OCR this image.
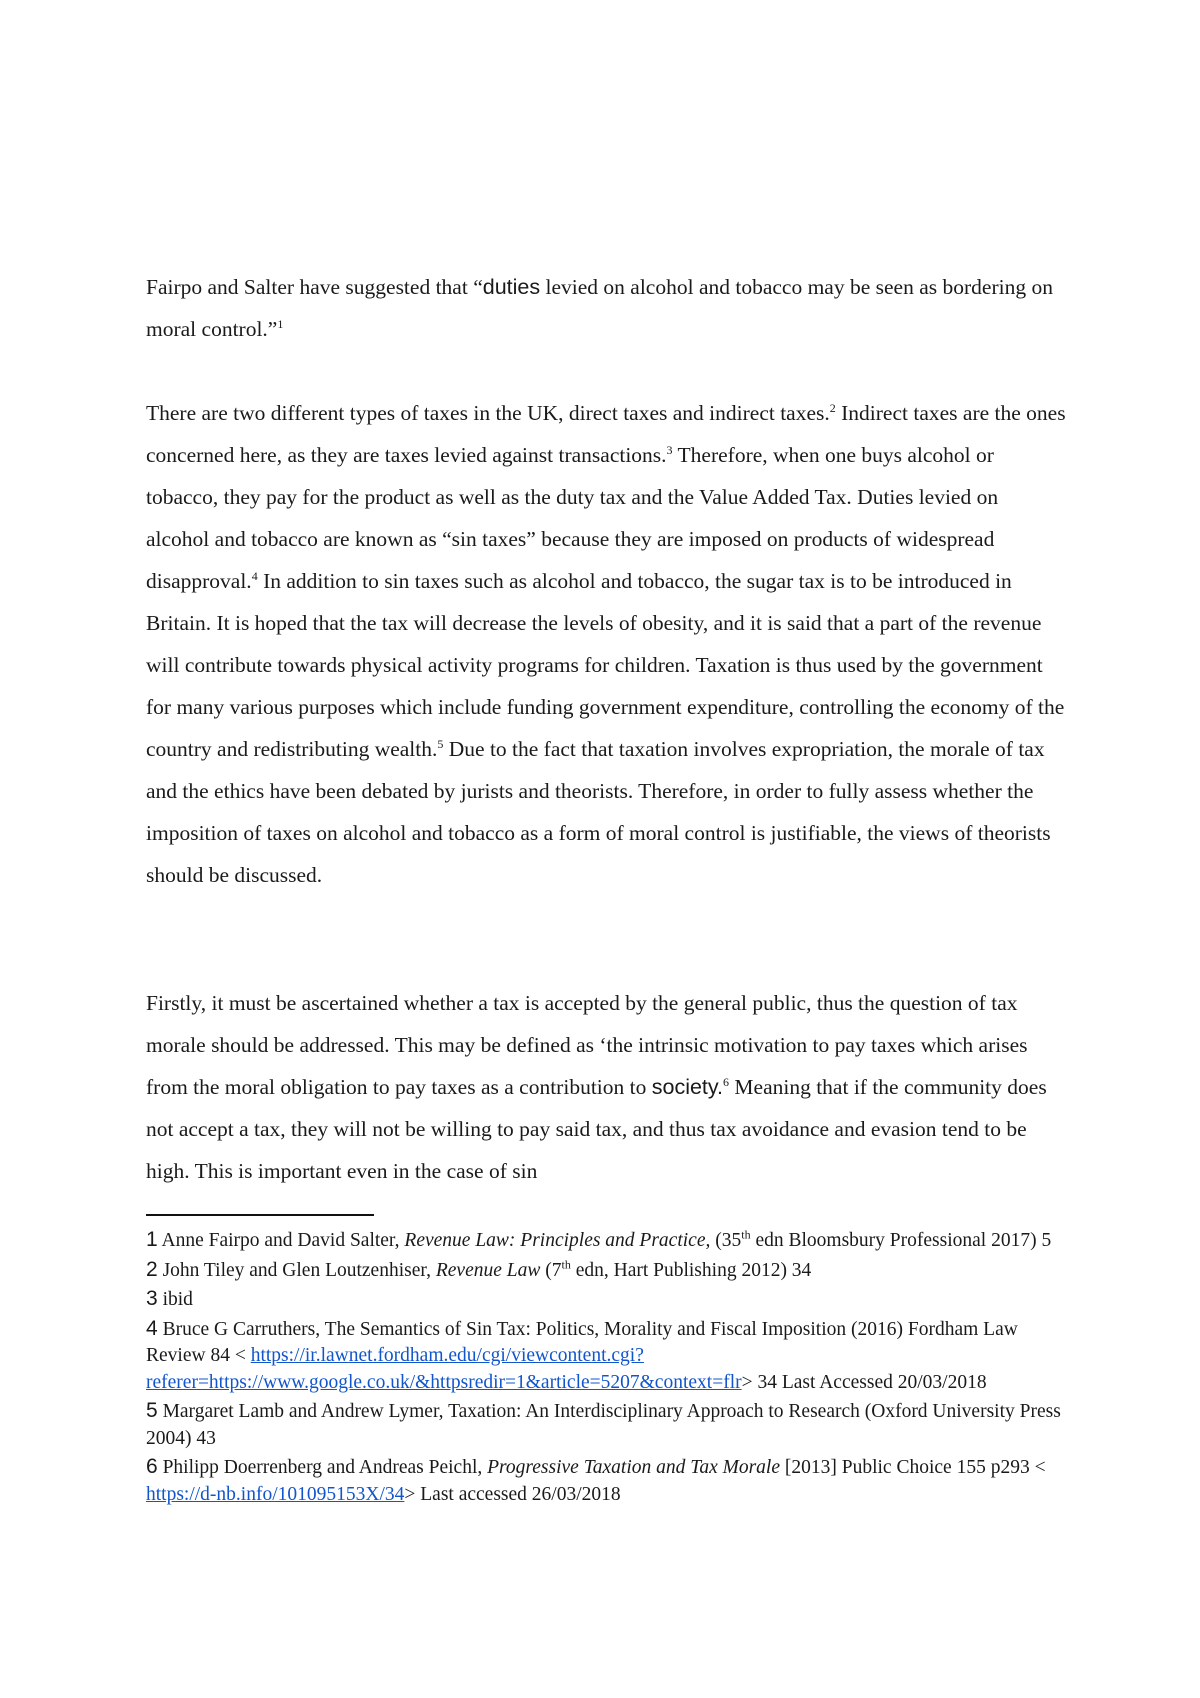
Fairpo and Salter have suggested that “duties levied on alcohol and tobacco may be seen as bordering on moral control.”$^1$

There are two different types of taxes in the UK, direct taxes and indirect taxes.$^2$ Indirect taxes are the ones concerned here, as they are taxes levied against transactions.$^3$ Therefore, when one buys alcohol or tobacco, they pay for the product as well as the duty tax and the Value Added Tax. Duties levied on alcohol and tobacco are known as “sin taxes” because they are imposed on products of widespread disapproval.$^4$ In addition to sin taxes such as alcohol and tobacco, the sugar tax is to be introduced in Britain. It is hoped that the tax will decrease the levels of obesity, and it is said that a part of the revenue will contribute towards physical activity programs for children. Taxation is thus used by the government for many various purposes which include funding government expenditure, controlling the economy of the country and redistributing wealth.$^5$ Due to the fact that taxation involves expropriation, the morale of tax and the ethics have been debated by jurists and theorists. Therefore, in order to fully assess whether the imposition of taxes on alcohol and tobacco as a form of moral control is justifiable, the views of theorists should be discussed.

Firstly, it must be ascertained whether a tax is accepted by the general public, thus the question of tax morale should be addressed. This may be defined as ‘the intrinsic motivation to pay taxes which arises from the moral obligation to pay taxes as a contribution to society.$^6$ Meaning that if the community does not accept a tax, they will not be willing to pay said tax, and thus tax avoidance and evasion tend to be high. This is important even in the case of sin

1 Anne Fairpo and David Salter, Revenue Law: Principles and Practice, (35th edn Bloomsbury Professional 2017) 5

2 John Tiley and Glen Loutzenhiser, Revenue Law (7th edn, Hart Publishing 2012) 34

3 ibid

4 Bruce G Carruthers, The Semantics of Sin Tax: Politics, Morality and Fiscal Imposition (2016) Fordham Law Review 84 < https://ir.lawnet.fordham.edu/cgi/viewcontent.cgi?referer=https://www.google.co.uk/&httpsredir=1&article=5207&context=flr> 34 Last Accessed 20/03/2018

5 Margaret Lamb and Andrew Lymer, Taxation: An Interdisciplinary Approach to Research (Oxford University Press 2004) 43

6 Philipp Doerrenberg and Andreas Peichl, Progressive Taxation and Tax Morale [2013] Public Choice 155 p293 < https://d-nb.info/101095153X/34> Last accessed 26/03/2018
